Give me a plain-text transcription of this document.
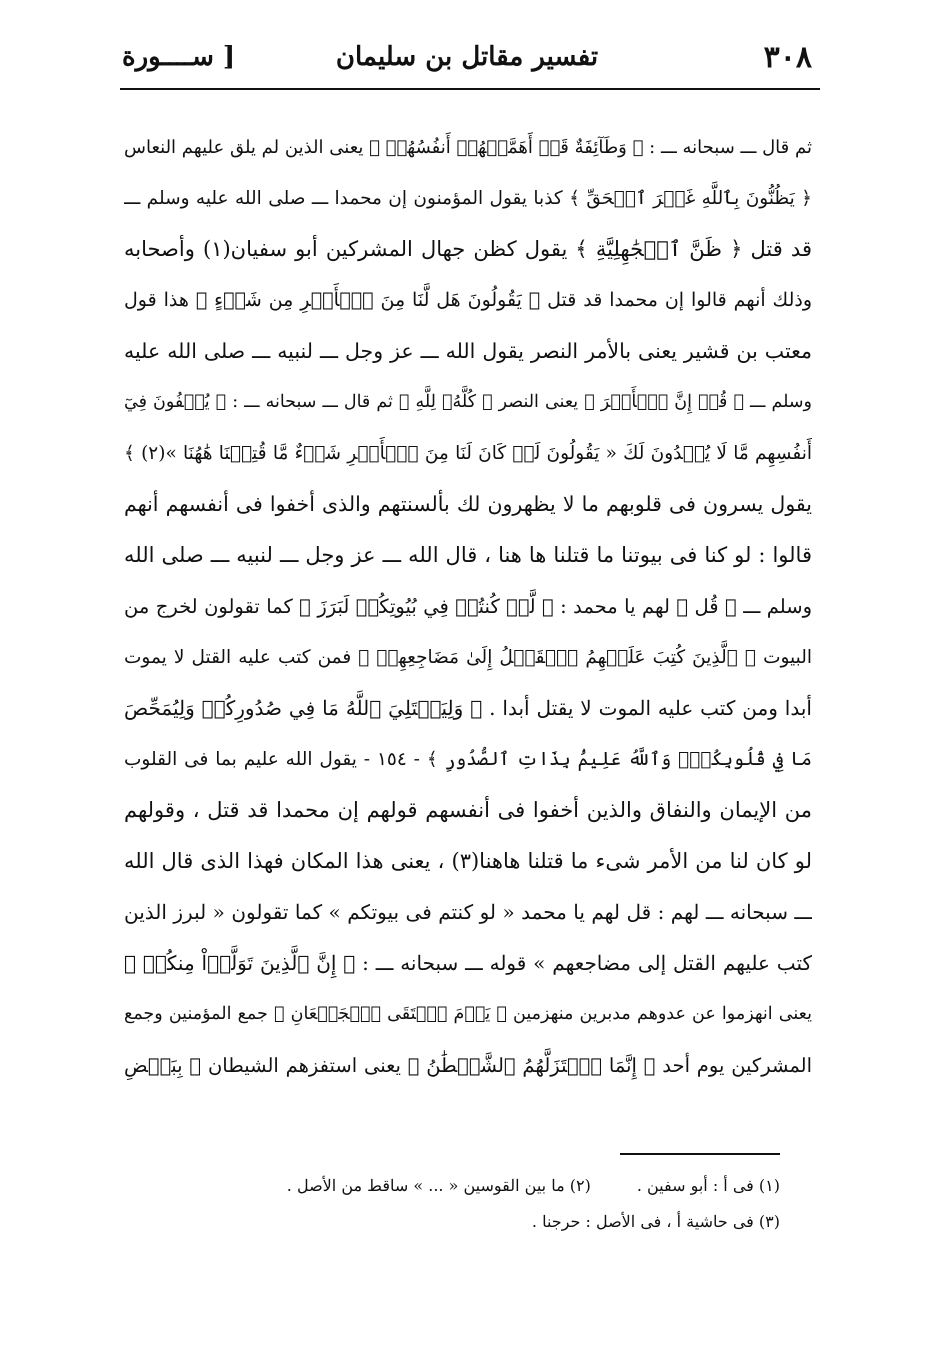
٣٠٨
تفسير مقاتل بن سليمان
[ ســــورة
ثم قال ـــ سبحانه ـــ : ﴿ وَطَآئِفَةٌ قَدۡ أَهَمَّتۡهُمۡ أَنفُسُهُمۡ ﴾ يعنى الذين لم يلق عليهم النعاس
﴿ يَظُنُّونَ بِٱللَّهِ غَيۡرَ ٱلۡحَقِّ ﴾ كذبا يقول المؤمنون إن محمدا ـــ صلى الله عليه وسلم ـــ
قد قتل ﴿ ظَنَّ ٱلۡجَٰهِلِيَّةِ ﴾ يقول كظن جهال المشركين أبو سفيان(١) وأصحابه
وذلك أنهم قالوا إن محمدا قد قتل ﴿ يَقُولُونَ هَل لَّنَا مِنَ ٱلۡأَمۡرِ مِن شَيۡءٍ ﴾ هذا قول
معتب بن قشير يعنى بالأمر النصر يقول الله ـــ عز وجل ـــ لنبيه ـــ صلى الله عليه
وسلم ـــ ﴿ قُلۡ إِنَّ ٱلۡأَمۡرَ ﴾ يعنى النصر ﴿ كُلَّهُۥ لِلَّهِ ﴾ ثم قال ـــ سبحانه ـــ : ﴿ يُخۡفُونَ فِيٓ
أَنفُسِهِم مَّا لَا يُبۡدُونَ لَكَ « يَقُولُونَ لَوۡ كَانَ لَنَا مِنَ ٱلۡأَمۡرِ شَيۡءٌ مَّا قُتِلۡنَا هَٰهُنَا »(٢) ﴾
يقول يسرون فى قلوبهم ما لا يظهرون لك بألسنتهم والذى أخفوا فى أنفسهم أنهم
قالوا : لو كنا فى بيوتنا ما قتلنا ها هنا ، قال الله ـــ عز وجل ـــ لنبيه ـــ صلى الله
وسلم ـــ ﴿ قُل ﴾ لهم يا محمد : ﴿ لَّوۡ كُنتُمۡ فِي بُيُوتِكُمۡ لَبَرَزَ ﴾ كما تقولون لخرج من
البيوت ﴿ ٱلَّذِينَ كُتِبَ عَلَيۡهِمُ ٱلۡقَتۡلُ إِلَىٰ مَضَاجِعِهِمۡ ﴾ فمن كتب عليه القتل لا يموت
أبدا ومن كتب عليه الموت لا يقتل أبدا . ﴿ وَلِيَبۡتَلِيَ ٱللَّهُ مَا فِي صُدُورِكُمۡ وَلِيُمَحِّصَ
مَا فِي قُلُوبِكُمۡۚ وَٱللَّهُ عَلِيمُۢ بِذَاتِ ٱلصُّدُورِ ﴾ - ١٥٤ - يقول الله عليم بما فى القلوب
من الإيمان والنفاق والذين أخفوا فى أنفسهم قولهم إن محمدا قد قتل ، وقولهم
لو كان لنا من الأمر شىء ما قتلنا هاهنا(٣) ، يعنى هذا المكان فهذا الذى قال الله
ـــ سبحانه ـــ لهم : قل لهم يا محمد « لو كنتم فى بيوتكم » كما تقولون « لبرز الذين
كتب عليهم القتل إلى مضاجعهم » قوله ـــ سبحانه ـــ : ﴿ إِنَّ ٱلَّذِينَ تَوَلَّوۡاْ مِنكُمۡ ﴾
يعنى انهزموا عن عدوهم مدبرين منهزمين ﴿ يَوۡمَ ٱلۡتَقَى ٱلۡجَمۡعَانِ ﴾ جمع المؤمنين وجمع
المشركين يوم أحد ﴿ إِنَّمَا ٱسۡتَزَلَّهُمُ ٱلشَّيۡطَٰنُ ﴾ يعنى استفزهم الشيطان ﴿ بِبَعۡضِ
(١) فى أ : أبو سفين .(٢) ما بين القوسين « ... » ساقط من الأصل .
(٣) فى حاشية أ ، فى الأصل : حرجنا .
